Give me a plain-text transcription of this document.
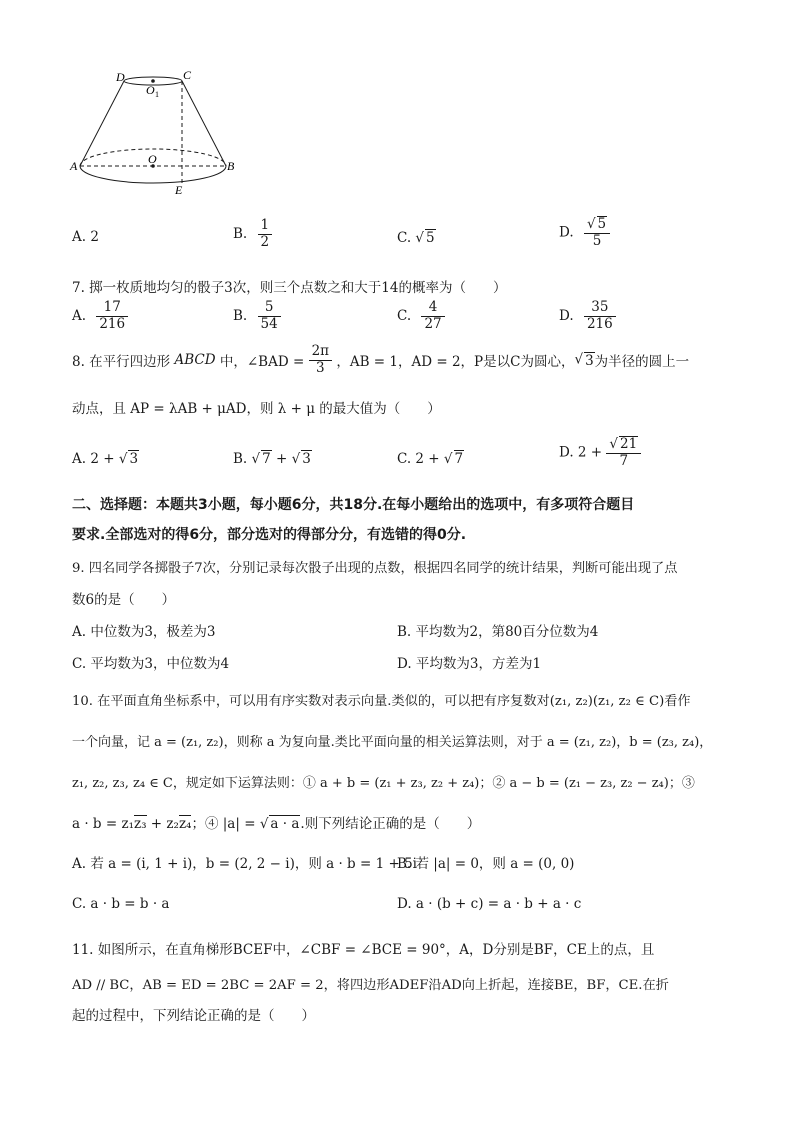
D	C
O 1
O
A	B
E
A. 2	B. $\frac{1}{2}$	C. √ 5	D. $\frac{√ 5}{5}$
7. 掷一枚质地均匀的骰子3次，则三个点数之和大于14的概率为（　　）
A. $\frac{17}{216}$	B. $\frac{5}{54}$	C. $\frac{4}{27}$	D. $\frac{35}{216}$
8. 在平行四边形 ABCD 中，∠BAD = $\frac{2\pi}{3}$ ，AB = 1，AD = 2，P是以C为圆心，√ 3为半径的圆上一
动点，且 AP = λAB + μAD，则 λ + μ 的最大值为（　　）
A. 2 + √ 3	B. √ 7 + √ 3	C. 2 + √ 7	D. $2 + \frac{√ 21}{7}$
二、选择题：本题共3小题，每小题6分，共18分.在每小题给出的选项中，有多项符合题目
要求.全部选对的得6分，部分选对的得部分分，有选错的得0分.
9. 四名同学各掷骰子7次，分别记录每次骰子出现的点数，根据四名同学的统计结果，判断可能出现了点
数6的是（　　）
A. 中位数为3，极差为3	B. 平均数为2，第80百分位数为4
C. 平均数为3，中位数为4	D. 平均数为3，方差为1
10. 在平面直角坐标系中，可以用有序实数对表示向量.类似的，可以把有序复数对(z₁, z₂)(z₁, z₂ ∈ C)看作
一个向量，记 a = (z₁, z₂)，则称 a 为复向量.类比平面向量的相关运算法则，对于 a = (z₁, z₂)，b = (z₃, z₄)，
z₁, z₂, z₃, z₄ ∈ C，规定如下运算法则：① a + b = (z₁ + z₃, z₂ + z₄)；② a − b = (z₁ − z₃, z₂ − z₄)；③
a · b = z₁z₃ + z₂z₄；④ |a| = √ a · a.则下列结论正确的是（　　）
A. 若 a = (i, 1 + i)，b = (2, 2 − i)，则 a · b = 1 + 5i
B. 若 |a| = 0，则 a = (0, 0)
C. a · b = b · a	D. a · (b + c) = a · b + a · c
11. 如图所示，在直角梯形BCEF中，∠CBF = ∠BCE = 90°，A，D分别是BF，CE上的点，且
AD // BC，AB = ED = 2BC = 2AF = 2，将四边形ADEF沿AD向上折起，连接BE，BF，CE.在折
起的过程中，下列结论正确的是（　　）
